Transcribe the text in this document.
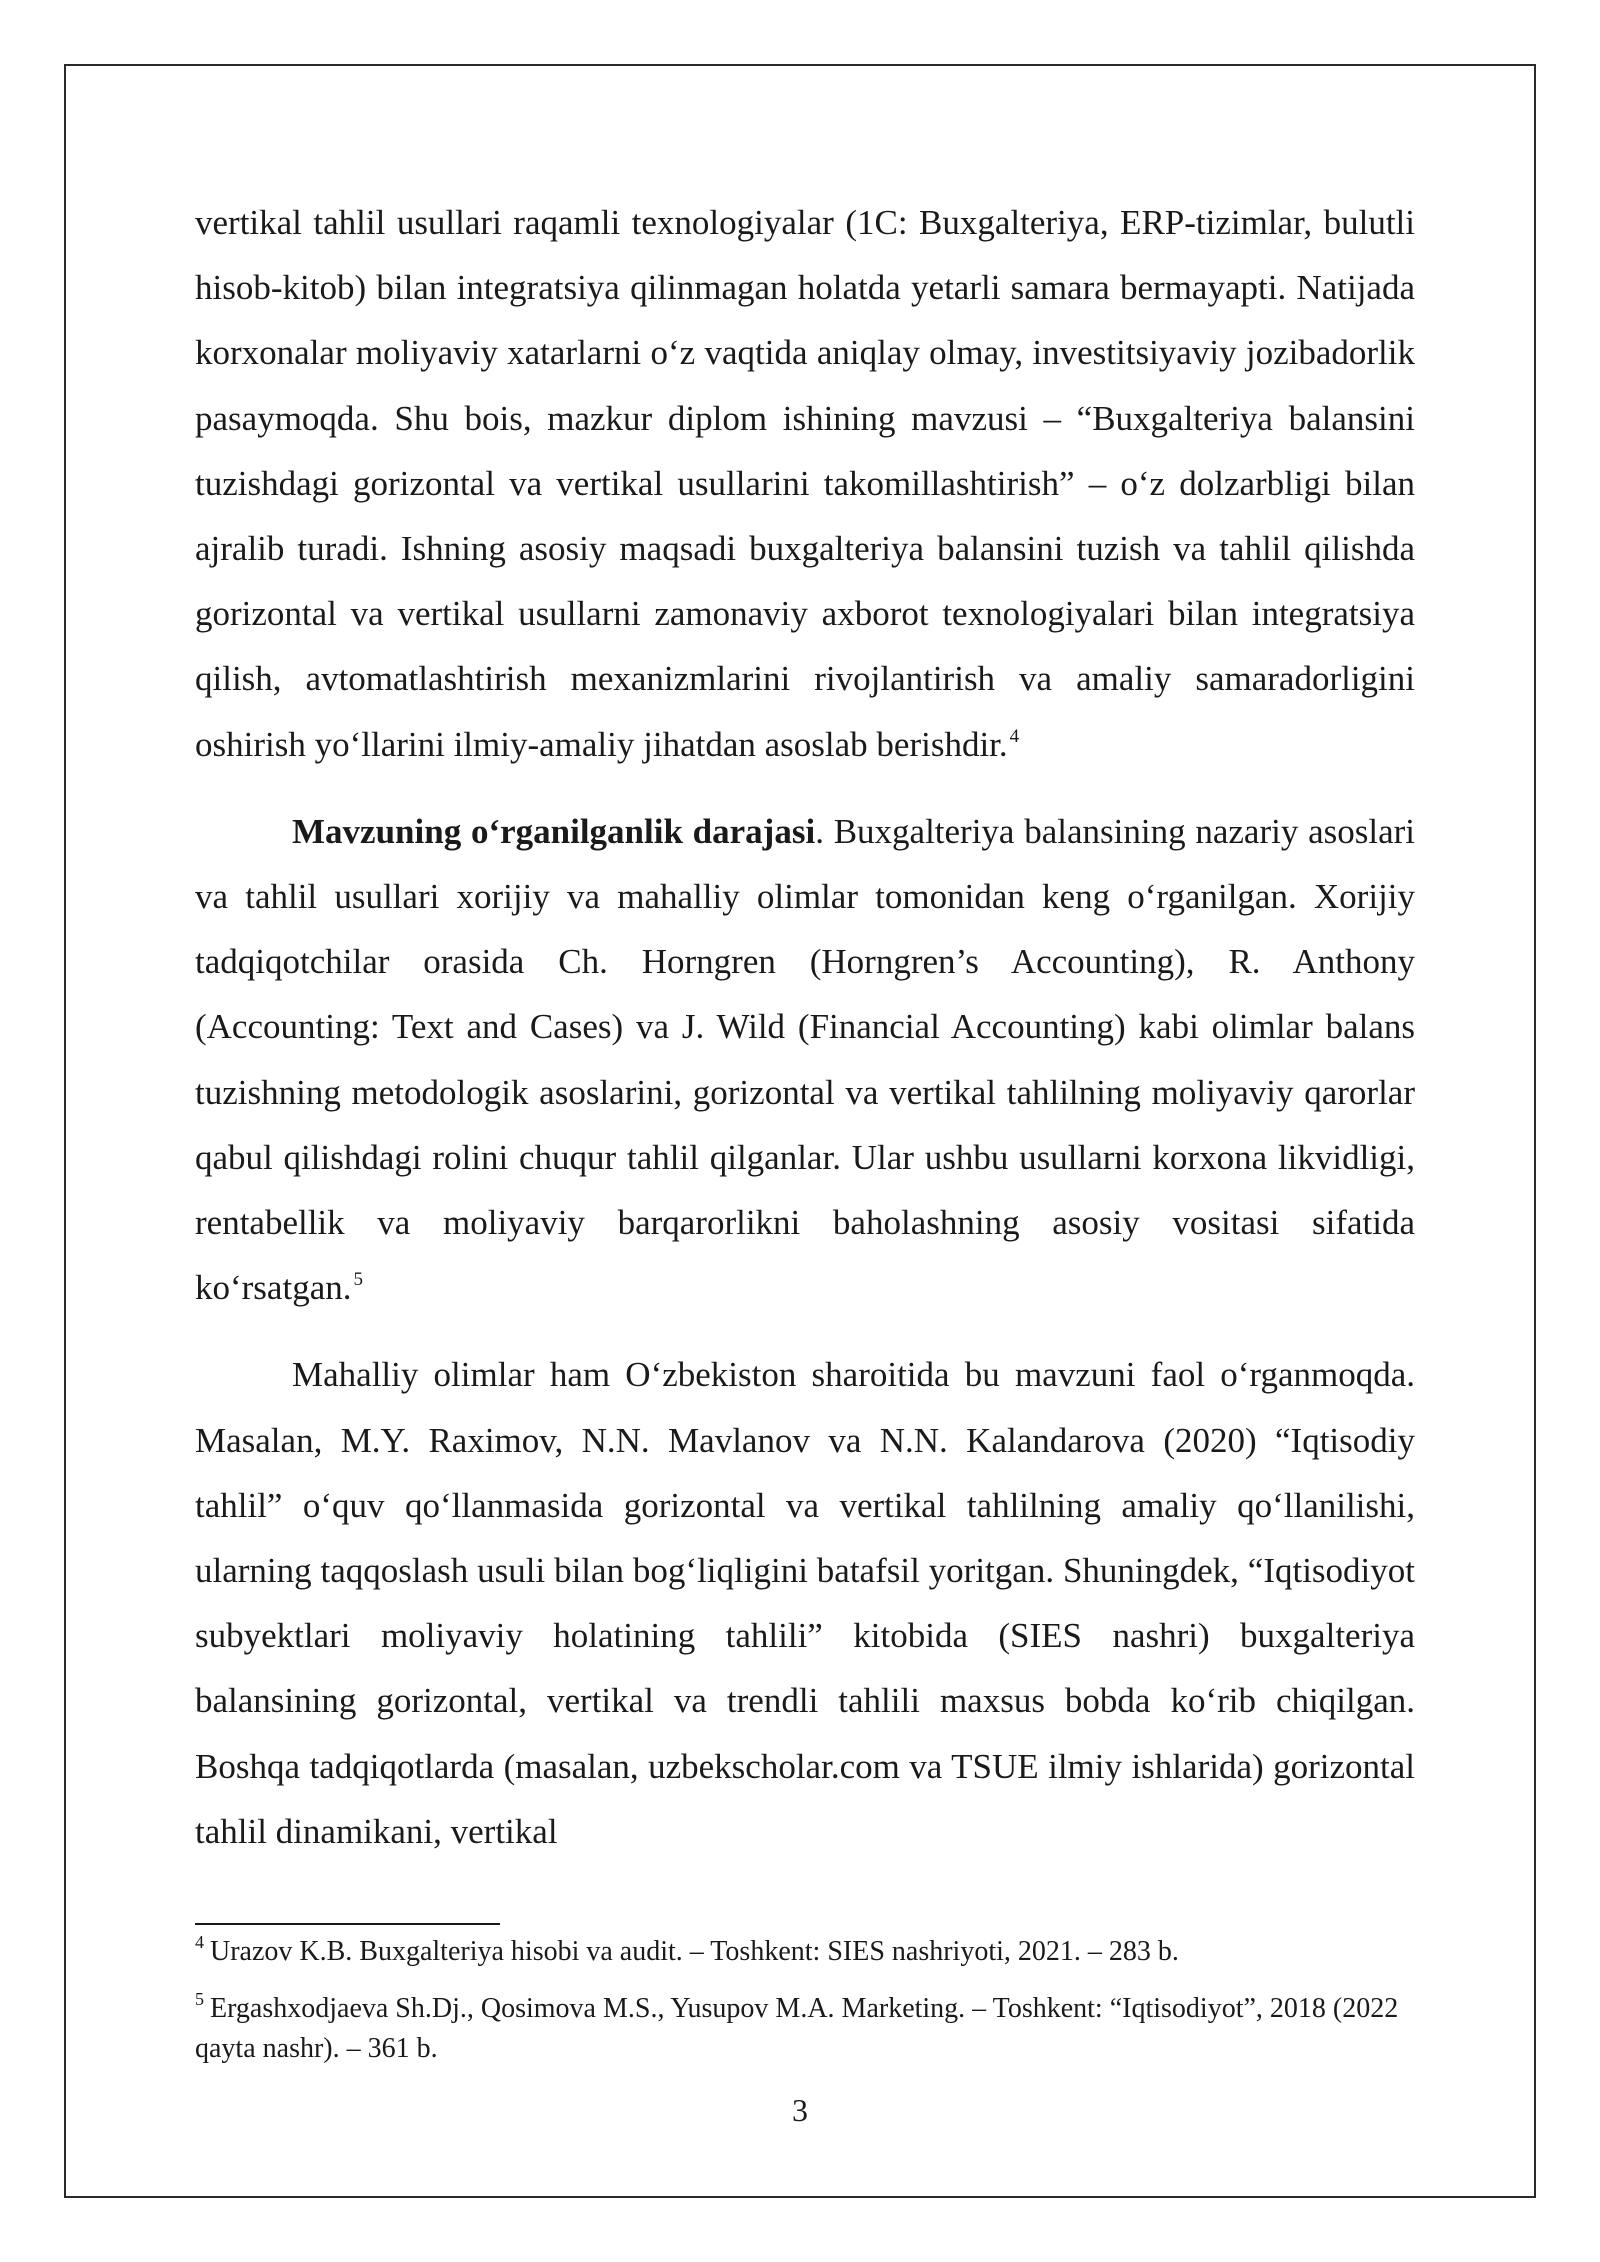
vertikal tahlil usullari raqamli texnologiyalar (1C: Buxgalteriya, ERP-tizimlar, bulutli hisob-kitob) bilan integratsiya qilinmagan holatda yetarli samara bermayapti. Natijada korxonalar moliyaviy xatarlarni o‘z vaqtida aniqlay olmay, investitsiyaviy jozibadorlik pasaymoqda. Shu bois, mazkur diplom ishining mavzusi – “Buxgalteriya balansini tuzishdagi gorizontal va vertikal usullarini takomillashtirish” – o‘z dolzarbligi bilan ajralib turadi. Ishning asosiy maqsadi buxgalteriya balansini tuzish va tahlil qilishda gorizontal va vertikal usullarni zamonaviy axborot texnologiyalari bilan integratsiya qilish, avtomatlashtirish mexanizmlarini rivojlantirish va amaliy samaradorligini oshirish yo‘llarini ilmiy-amaliy jihatdan asoslab berishdir. $^4$

Mavzuning o‘rganilganlik darajasi. Buxgalteriya balansining nazariy asoslari va tahlil usullari xorijiy va mahalliy olimlar tomonidan keng o‘rganilgan. Xorijiy tadqiqotchilar orasida Ch. Horngren (Horngren’s Accounting), R. Anthony (Accounting: Text and Cases) va J. Wild (Financial Accounting) kabi olimlar balans tuzishning metodologik asoslarini, gorizontal va vertikal tahlilning moliyaviy qarorlar qabul qilishdagi rolini chuqur tahlil qilganlar. Ular ushbu usullarni korxona likvidligi, rentabellik va moliyaviy barqarorlikni baholashning asosiy vositasi sifatida ko‘rsatgan. $^5$

Mahalliy olimlar ham O‘zbekiston sharoitida bu mavzuni faol o‘rganmoqda. Masalan, M.Y. Raximov, N.N. Mavlanov va N.N. Kalandarova (2020) “Iqtisodiy tahlil” o‘quv qo‘llanmasida gorizontal va vertikal tahlilning amaliy qo‘llanilishi, ularning taqqoslash usuli bilan bog‘liqligini batafsil yoritgan. Shuningdek, “Iqtisodiyot subyektlari moliyaviy holatining tahlili” kitobida (SIES nashri) buxgalteriya balansining gorizontal, vertikal va trendli tahlili maxsus bobda ko‘rib chiqilgan. Boshqa tadqiqotlarda (masalan, uzbekscholar.com va TSUE ilmiy ishlarida) gorizontal tahlil dinamikani, vertikal

$^4$ Urazov K.B. Buxgalteriya hisobi va audit. – Toshkent: SIES nashriyoti, 2021. – 283 b.

$^5$ Ergashxodjaeva Sh.Dj., Qosimova M.S., Yusupov M.A. Marketing. – Toshkent: “Iqtisodiyot”, 2018 (2022 qayta nashr). – 361 b.

3
